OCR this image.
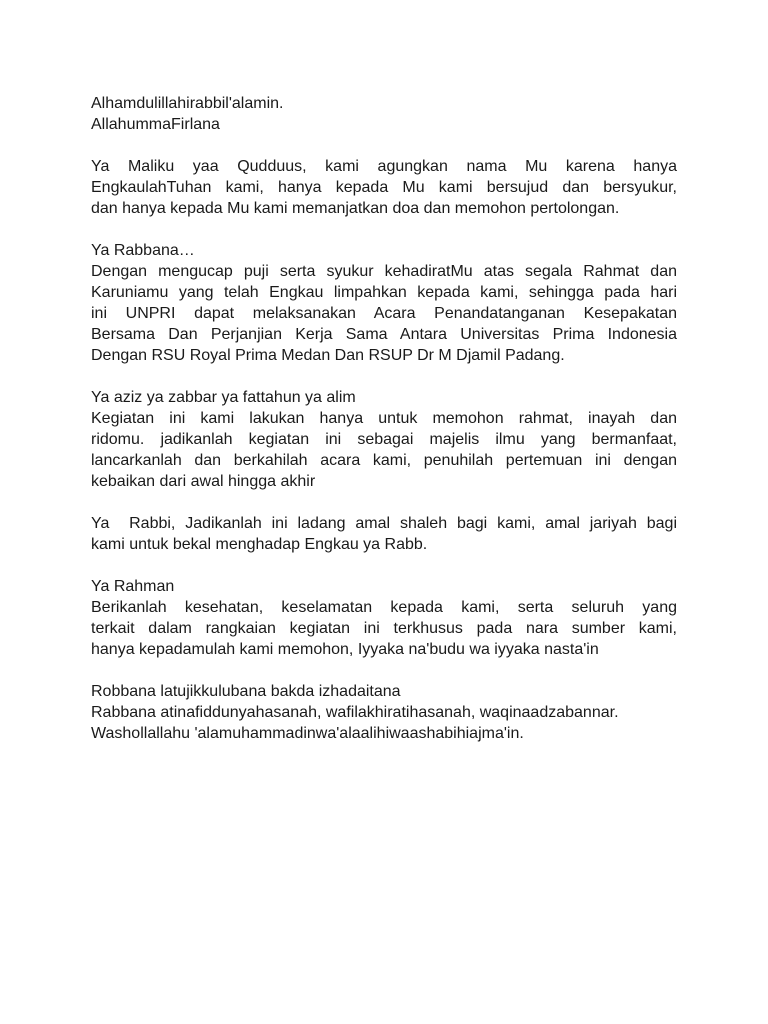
Alhamdulillahirabbil'alamin.
AllahummaFirlana
Ya Maliku yaa Qudduus, kami agungkan nama Mu karena hanya
EngkaulahTuhan kami, hanya kepada Mu kami bersujud dan bersyukur,
dan hanya kepada Mu kami memanjatkan doa dan memohon pertolongan.
Ya Rabbana…
Dengan mengucap puji serta syukur kehadiratMu atas segala Rahmat dan
Karuniamu yang telah Engkau limpahkan kepada kami, sehingga pada hari
ini UNPRI dapat melaksanakan Acara Penandatanganan Kesepakatan
Bersama Dan Perjanjian Kerja Sama Antara Universitas Prima Indonesia
Dengan RSU Royal Prima Medan Dan RSUP Dr M Djamil Padang.
Ya aziz ya zabbar ya fattahun ya alim
Kegiatan ini kami lakukan hanya untuk memohon rahmat, inayah dan
ridomu. jadikanlah kegiatan ini sebagai majelis ilmu yang bermanfaat,
lancarkanlah dan berkahilah acara kami, penuhilah pertemuan ini dengan
kebaikan dari awal hingga akhir
Ya  Rabbi, Jadikanlah ini ladang amal shaleh bagi kami, amal jariyah bagi
kami untuk bekal menghadap Engkau ya Rabb.
Ya Rahman
Berikanlah kesehatan, keselamatan kepada kami, serta seluruh yang
terkait dalam rangkaian kegiatan ini terkhusus pada nara sumber kami,
hanya kepadamulah kami memohon, Iyyaka na'budu wa iyyaka nasta'in
Robbana latujikkulubana bakda izhadaitana
Rabbana atinafiddunyahasanah, wafilakhiratihasanah, waqinaadzabannar.
Washollallahu 'alamuhammadinwa'alaalihiwaashabihiajma'in.
